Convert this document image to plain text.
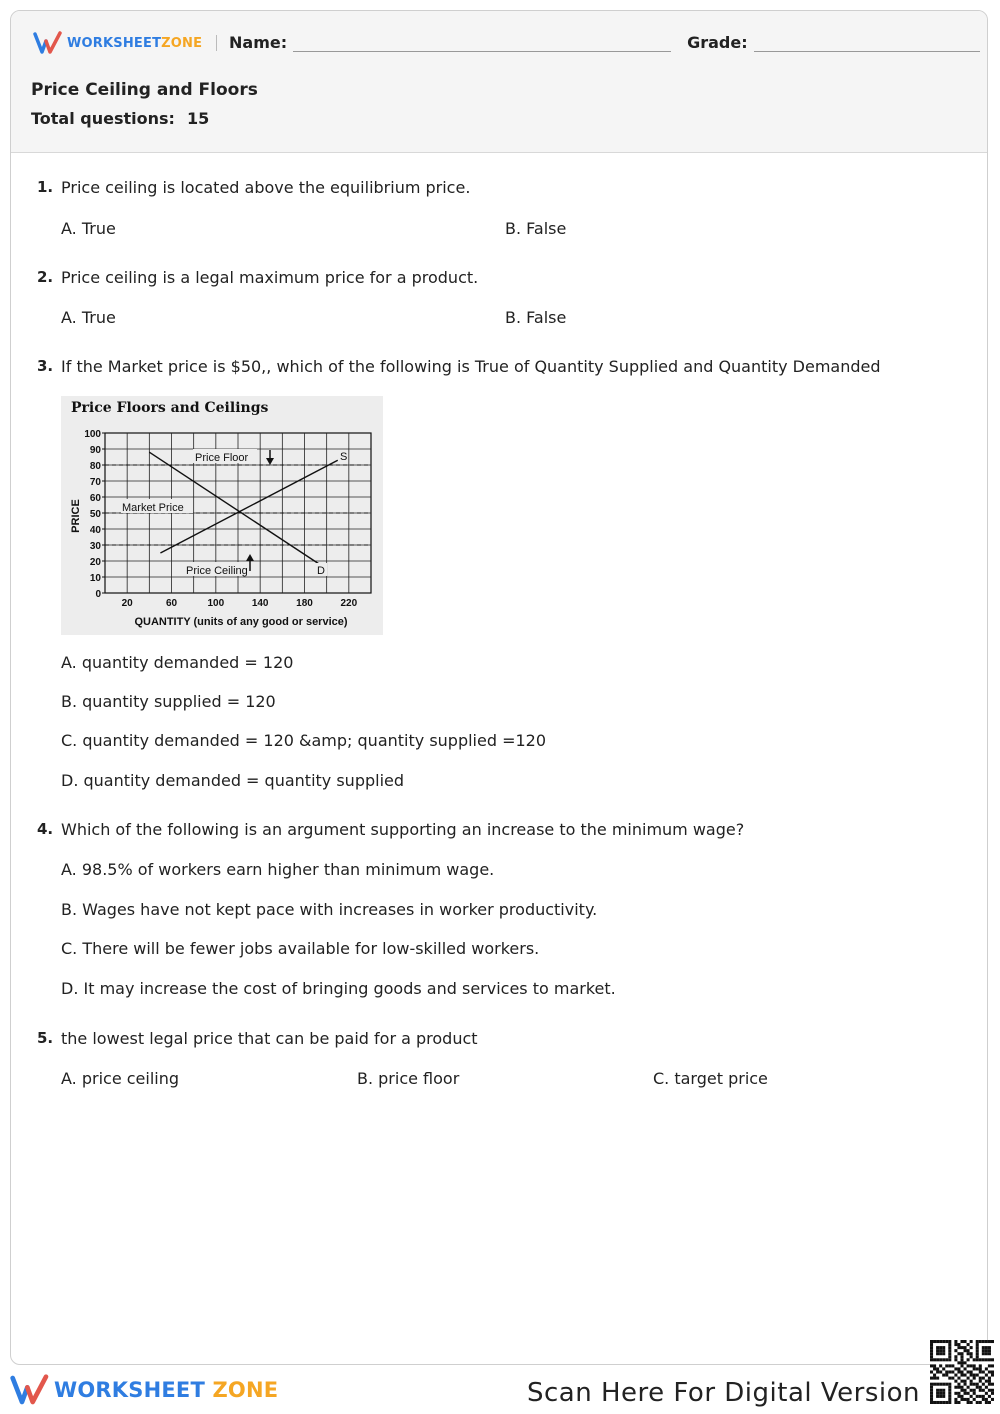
WORKSHEETZONE Name:	Grade:
Price Ceiling and Floors
Total questions: 15
1. Price ceiling is located above the equilibrium price.
A. True	B. False
2. Price ceiling is a legal maximum price for a product.
A. True	B. False
3. If the Market price is $50,, which of the following is True of Quantity Supplied and Quantity Demanded
Price Floors and Ceilings
100
90
80
70
60
50
40
30
20
10
0
20	60	100	140	180	220
PRICE
QUANTITY (units of any good or service)
Price Floor
Market Price
Price Ceiling
S
D
A. quantity demanded = 120
B. quantity supplied = 120
C. quantity demanded = 120 &amp; quantity supplied =120
D. quantity demanded = quantity supplied
4. Which of the following is an argument supporting an increase to the minimum wage?
A. 98.5% of workers earn higher than minimum wage.
B. Wages have not kept pace with increases in worker productivity.
C. There will be fewer jobs available for low-skilled workers.
D. It may increase the cost of bringing goods and services to market.
5. the lowest legal price that can be paid for a product
A. price ceiling	B. price floor	C. target price
WORKSHEET ZONE	Scan Here For Digital Version
